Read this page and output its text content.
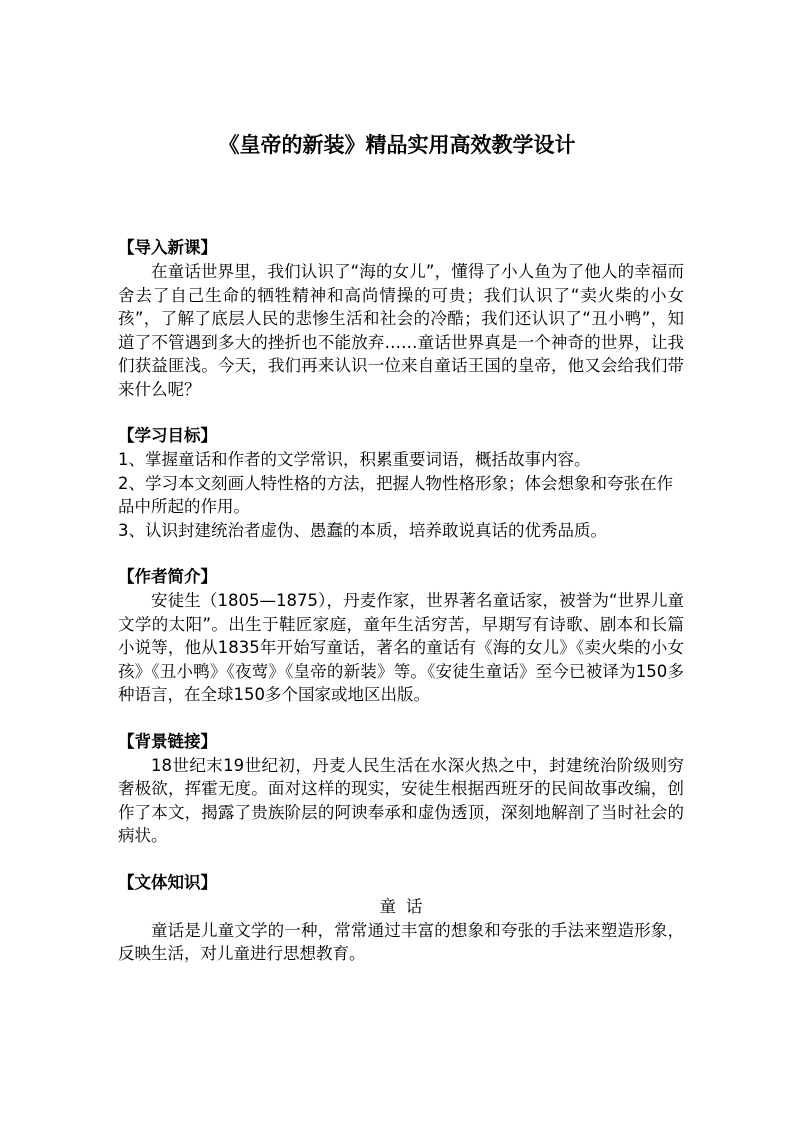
《皇帝的新装》精品实用高效教学设计
【导入新课】

在童话世界里，我们认识了“海的女儿”，懂得了小人鱼为了他人的幸福而舍去了自己生命的牺牲精神和高尚情操的可贵；我们认识了“卖火柴的小女孩”，了解了底层人民的悲惨生活和社会的冷酷；我们还认识了“丑小鸭”，知道了不管遇到多大的挫折也不能放弃……童话世界真是一个神奇的世界，让我们获益匪浅。今天，我们再来认识一位来自童话王国的皇帝，他又会给我们带来什么呢？

【学习目标】

1、掌握童话和作者的文学常识，积累重要词语，概括故事内容。

2、学习本文刻画人特性格的方法，把握人物性格形象；体会想象和夸张在作品中所起的作用。

3、认识封建统治者虚伪、愚蠢的本质，培养敢说真话的优秀品质。

【作者简介】

安徒生（1805—1875），丹麦作家，世界著名童话家，被誉为“世界儿童文学的太阳”。出生于鞋匠家庭，童年生活穷苦，早期写有诗歌、剧本和长篇小说等，他从1835年开始写童话，著名的童话有《海的女儿》《卖火柴的小女孩》《丑小鸭》《夜莺》《皇帝的新装》等。《安徒生童话》至今已被译为150多种语言，在全球150多个国家或地区出版。

【背景链接】

18世纪末19世纪初，丹麦人民生活在水深火热之中，封建统治阶级则穷奢极欲，挥霍无度。面对这样的现实，安徒生根据西班牙的民间故事改编，创作了本文，揭露了贵族阶层的阿谀奉承和虚伪透顶，深刻地解剖了当时社会的病状。

【文体知识】
童话

童话是儿童文学的一种，常常通过丰富的想象和夸张的手法来塑造形象，反映生活，对儿童进行思想教育。
